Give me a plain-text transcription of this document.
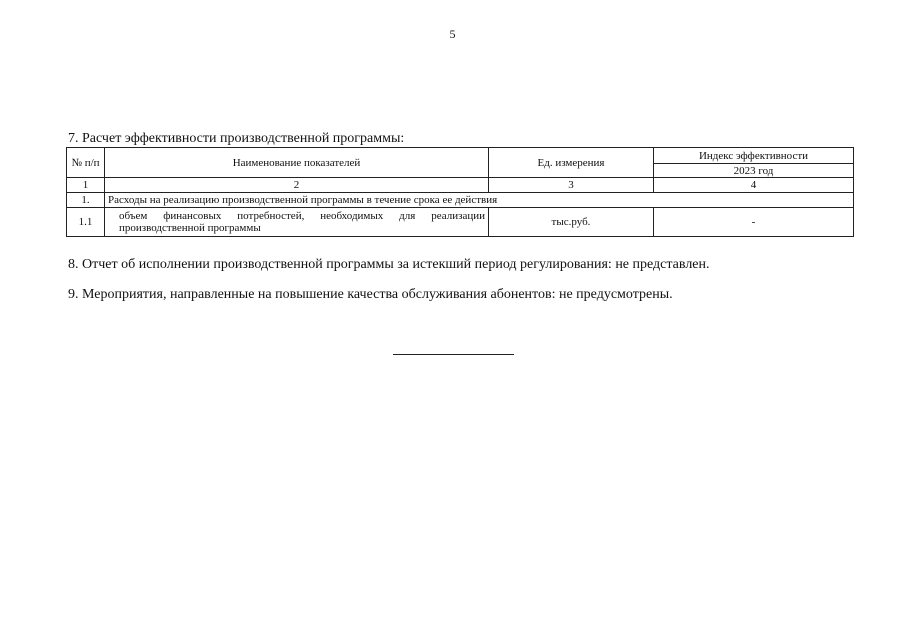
5
7. Расчет эффективности производственной программы:
№ п/п	Наименование показателей	Ед. измерения	Индекс эффективности
			2023 год
1	2	3	4
1.	Расходы на реализацию производственной программы в течение срока ее действия		
1.1	объем финансовых потребностей, необходимых для реализации производственной программы	тыс.руб.	-
8. Отчет об исполнении производственной программы за истекший период регулирования: не представлен.
9. Мероприятия, направленные на повышение качества обслуживания абонентов: не предусмотрены.
